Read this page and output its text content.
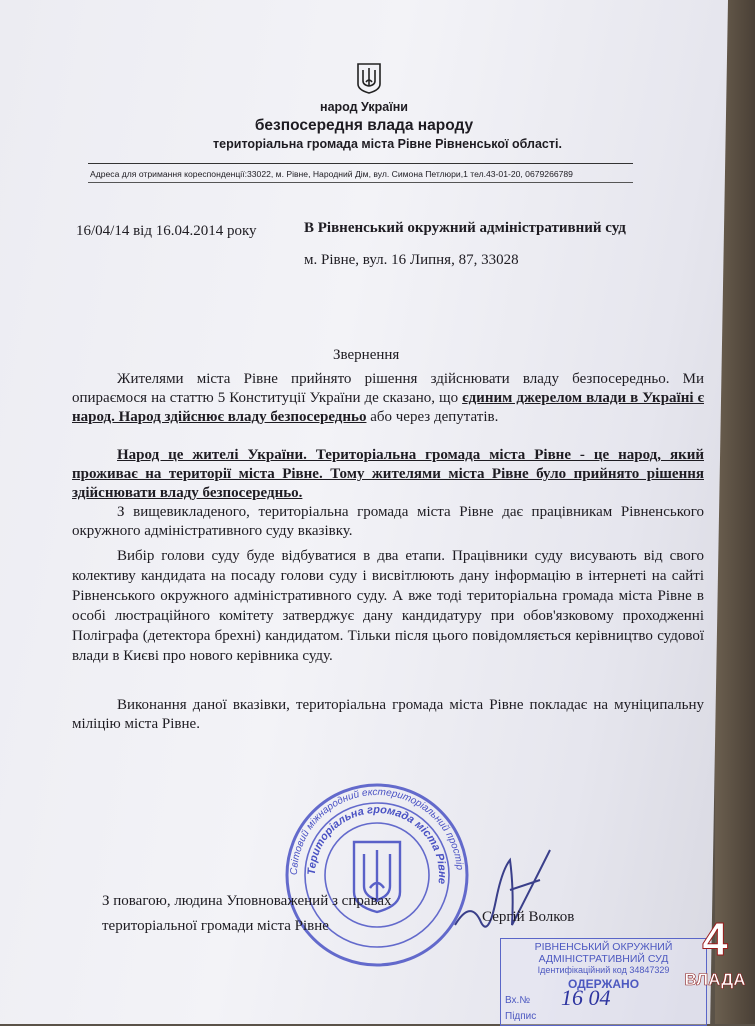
народ України
безпосередня влада народу
територіальна громада міста Рівне Рівненської області.
Адреса для отримання кореспонденції:33022, м. Рівне, Народний Дім, вул. Симона Петлюри,1 тел.43-01-20, 0679266789
16/04/14 від 16.04.2014 року	В Рівненський окружний адміністративний суд
м. Рівне, вул. 16 Липня, 87, 33028
Звернення
Жителями міста Рівне прийнято рішення здійснювати владу безпосередньо. Ми опираємося на статтю 5 Конституції України де сказано, що єдиним джерелом влади в Україні є народ. Народ здійснює владу безпосередньо або через депутатів.
Народ це жителі України. Територіальна громада міста Рівне - це народ, який проживає на території міста Рівне. Тому жителями міста Рівне було прийнято рішення здійснювати владу безпосередньо.
З вищевикладеного, територіальна громада міста Рівне дає працівникам Рівненського окружного адміністративного суду вказівку.
Вибір голови суду буде відбуватися в два етапи. Працівники суду висувають від свого колективу кандидата на посаду голови суду і висвітлюють дану інформацію в інтернеті на сайті Рівненського окружного адміністративного суду. А вже тоді територіальна громада міста Рівне в особі люстраційного комітету затверджує дану кандидатуру при обов'язковому проходженні Поліграфа (детектора брехні) кандидатом. Тільки після цього повідомляється керівництво судової влади в Києві про нового керівника суду.
Виконання даної вказівки, територіальна громада міста Рівне покладає на муніципальну міліцію міста Рівне.
Світовий міжнародний екстериторіальний простір
Територіальна громада міста Рівне
З повагою, людина Уповноважений з справах
територіальної громади міста Рівне
Сергій Волков
РІВНЕНСЬКИЙ ОКРУЖНИЙ
АДМІНІСТРАТИВНИЙ СУД
Ідентифікаційний код 34847329
ОДЕРЖАНО
Вх.№ 16 04
Підпис
4
ВЛАДА
